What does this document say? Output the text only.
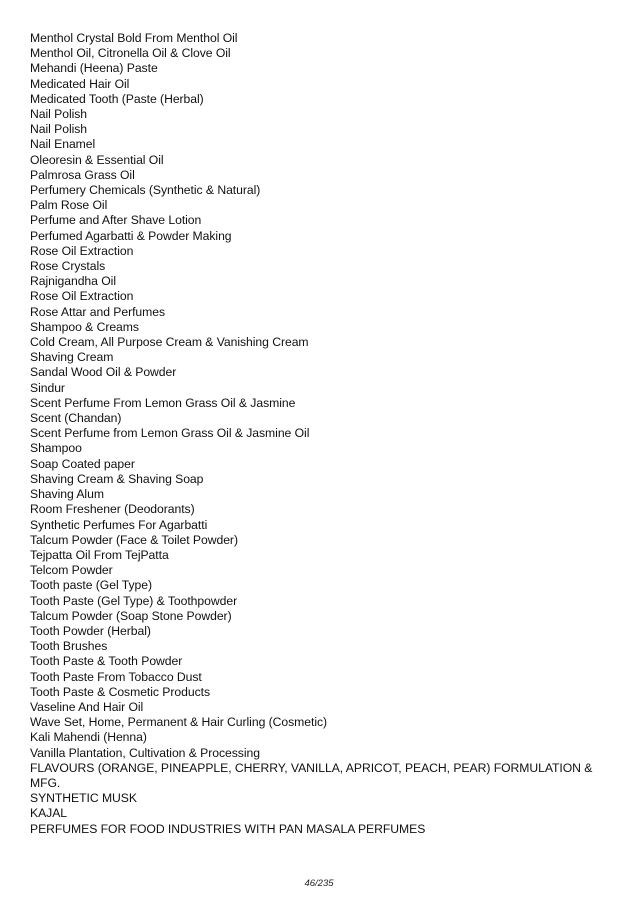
Menthol Crystal Bold From Menthol Oil
Menthol Oil, Citronella Oil & Clove Oil
Mehandi (Heena) Paste
Medicated Hair Oil
Medicated Tooth (Paste (Herbal)
Nail Polish
Nail Polish
Nail Enamel
Oleoresin & Essential Oil
Palmrosa Grass Oil
Perfumery Chemicals (Synthetic & Natural)
Palm Rose Oil
Perfume and After Shave Lotion
Perfumed Agarbatti & Powder Making
Rose Oil Extraction
Rose Crystals
Rajnigandha Oil
Rose Oil Extraction
Rose Attar and Perfumes
Shampoo & Creams
Cold Cream, All Purpose Cream & Vanishing Cream
Shaving Cream
Sandal Wood Oil & Powder
Sindur
Scent Perfume From Lemon Grass Oil & Jasmine
Scent (Chandan)
Scent Perfume from Lemon Grass Oil & Jasmine Oil
Shampoo
Soap Coated paper
Shaving Cream & Shaving Soap
Shaving Alum
Room Freshener (Deodorants)
Synthetic Perfumes For Agarbatti
Talcum Powder (Face & Toilet Powder)
Tejpatta Oil From TejPatta
Telcom Powder
Tooth paste (Gel Type)
Tooth Paste (Gel Type) & Toothpowder
Talcum Powder (Soap Stone Powder)
Tooth Powder (Herbal)
Tooth Brushes
Tooth Paste & Tooth Powder
Tooth Paste From Tobacco Dust
Tooth Paste & Cosmetic Products
Vaseline And Hair Oil
Wave Set, Home, Permanent & Hair Curling (Cosmetic)
Kali Mahendi (Henna)
Vanilla Plantation, Cultivation & Processing
FLAVOURS (ORANGE, PINEAPPLE, CHERRY, VANILLA, APRICOT, PEACH, PEAR) FORMULATION & MFG.
SYNTHETIC MUSK
KAJAL
PERFUMES FOR FOOD INDUSTRIES WITH PAN MASALA PERFUMES
46/235
